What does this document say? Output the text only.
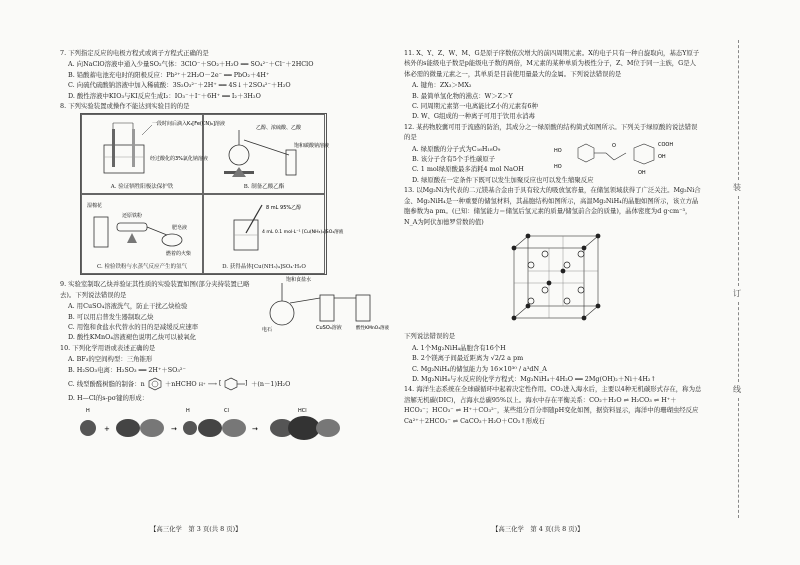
7. 下列指定反应的电极方程式或离子方程式正确的是
A. 向NaClO溶液中通入少量SO₂气体：3ClO⁻＋SO₂＋H₂O ══ SO₄²⁻＋Cl⁻＋2HClO
B. 铅酸蓄电池充电时的阳极反应：Pb²⁺＋2H₂O－2e⁻ ══ PbO₂＋4H⁺
C. 向硫代硫酸钠溶液中加入稀硫酸：3S₂O₃²⁻＋2H⁺ ══ 4S↓＋2SO₄²⁻＋H₂O
D. 酸性溶液中KIO₃与KI反应生成I₂：IO₃⁻＋I⁻＋6H⁺ ══ I₂＋3H₂O
8. 下列实验装置或操作不能达到实验目的的是
一段时间后滴入K₃[Fe(CN)₆]溶液
经过酸化的3%氯化钠溶液
A. 验证牺牲阳极法保护铁
乙醇、浓硫酸、乙酸
饱和碳酸钠溶液
B. 制备乙酸乙酯
湿棉花
还原铁粉
肥皂液
燃着的火柴
C. 检验铁粉与水蒸气反应产生的氢气
8 mL 95%乙醇
4 mL 0.1 mol·L⁻¹ [Cu(NH₃)₄]SO₄溶液
D. 获得晶体[Cu(NH₃)₄]SO₄·H₂O
9. 实验室制取乙炔并验证其性质的实验装置如图(部分夹持装置已略去)。下列说法错误的是
A. 用CuSO₄溶液洗气，防止干扰乙炔检验
B. 可以用启普发生器制取乙炔
C. 用饱和食盐水代替水的目的是减缓反应速率
D. 酸性KMnO₄溶液褪色说明乙炔可以被氧化
饱和食盐水
电石	CuSO₄溶液	酸性KMnO₄溶液
10. 下列化学用语或表述正确的是
A. BF₃的空间构型：三角锥形
B. H₂SO₃电离：H₂SO₃ ══ 2H⁺＋SO₃²⁻
C. 线型酚醛树脂的制备：n	＋nHCHO H⁺ ⟶ [	] ＋(n－1)H₂O
D. H—Cl的s-pσ键的形成：
H
+	→
H	Cl
→
HCl
【高三化学　第 3 页(共 8 页)】
11. X、Y、Z、W、M、G是原子序数依次增大的前四周期元素。X的电子只有一种自旋取向，基态Y原子核外的s能级电子数是p能级电子数的两倍，M元素的某种单质为极性分子，Z、M位于同一主族，G是人体必需的微量元素之一，其单质是目前使用量最大的金属。下列说法错误的是
A. 键角：ZX₃＞MX₂
B. 最简单氢化物的沸点：W＞Z＞Y
C. 同周期元素第一电离能比Z小的元素有6种
D. W、G组成的一种离子可用于饮用水消毒
12. 某药物胶囊可用于流感的防治，其成分之一绿原酸的结构简式如图所示。下列关于绿原酸的说法错误的是
A. 绿原酸的分子式为C₁₆H₁₈O₉
B. 该分子含有5个手性碳原子
C. 1 mol绿原酸最多消耗4 mol NaOH
D. 绿原酸在一定条件下既可以发生加聚反应也可以发生缩聚反应
HO
HO
O	COOH
OH
OH
13. 以Mg₂Ni为代表的二元镁基合金由于具有较大的吸放氢容量，在储氢领域获得了广泛关注。Mg₂Ni合金、Mg₂NiH₄是一种重要的储氢材料，其晶胞结构如图所示，高温Mg₂NiH₄的晶胞如图所示，该立方晶胞参数为a pm。(已知：储氢能力＝储氢后氢元素的质量/储氢前合金的质量)，晶体密度为d g·cm⁻³，N_A为阿伏加德罗常数的值)
下列说法错误的是
A. 1个Mg₂NiH₄晶胞含有16个H
B. 2个镁离子间最近距离为 √2/2 a pm
C. Mg₂NiH₄的储氢能力为 16×10³⁰ / a³dN_A
D. Mg₂NiH₄与水反应的化学方程式：Mg₂NiH₄＋4H₂O ══ 2Mg(OH)₂＋Ni＋4H₂↑
14. 海洋生态系统在全球碳循环中起着决定性作用。CO₂进入海水后，主要以4种无机碳形式存在，称为总溶解无机碳(DIC)，占海水总碳95%以上。海水中存在平衡关系：CO₂＋H₂O ⇌ H₂CO₃ ⇌ H⁺＋HCO₃⁻；HCO₃⁻ ⇌ H⁺＋CO₃²⁻，某些组分百分率随pH变化如图，据资料显示，海洋中的珊瑚虫经反应Ca²⁺＋2HCO₃⁻ ⇌ CaCO₃＋H₂O＋CO₂↑形成石
【高三化学　第 4 页(共 8 页)】
装
订
线
